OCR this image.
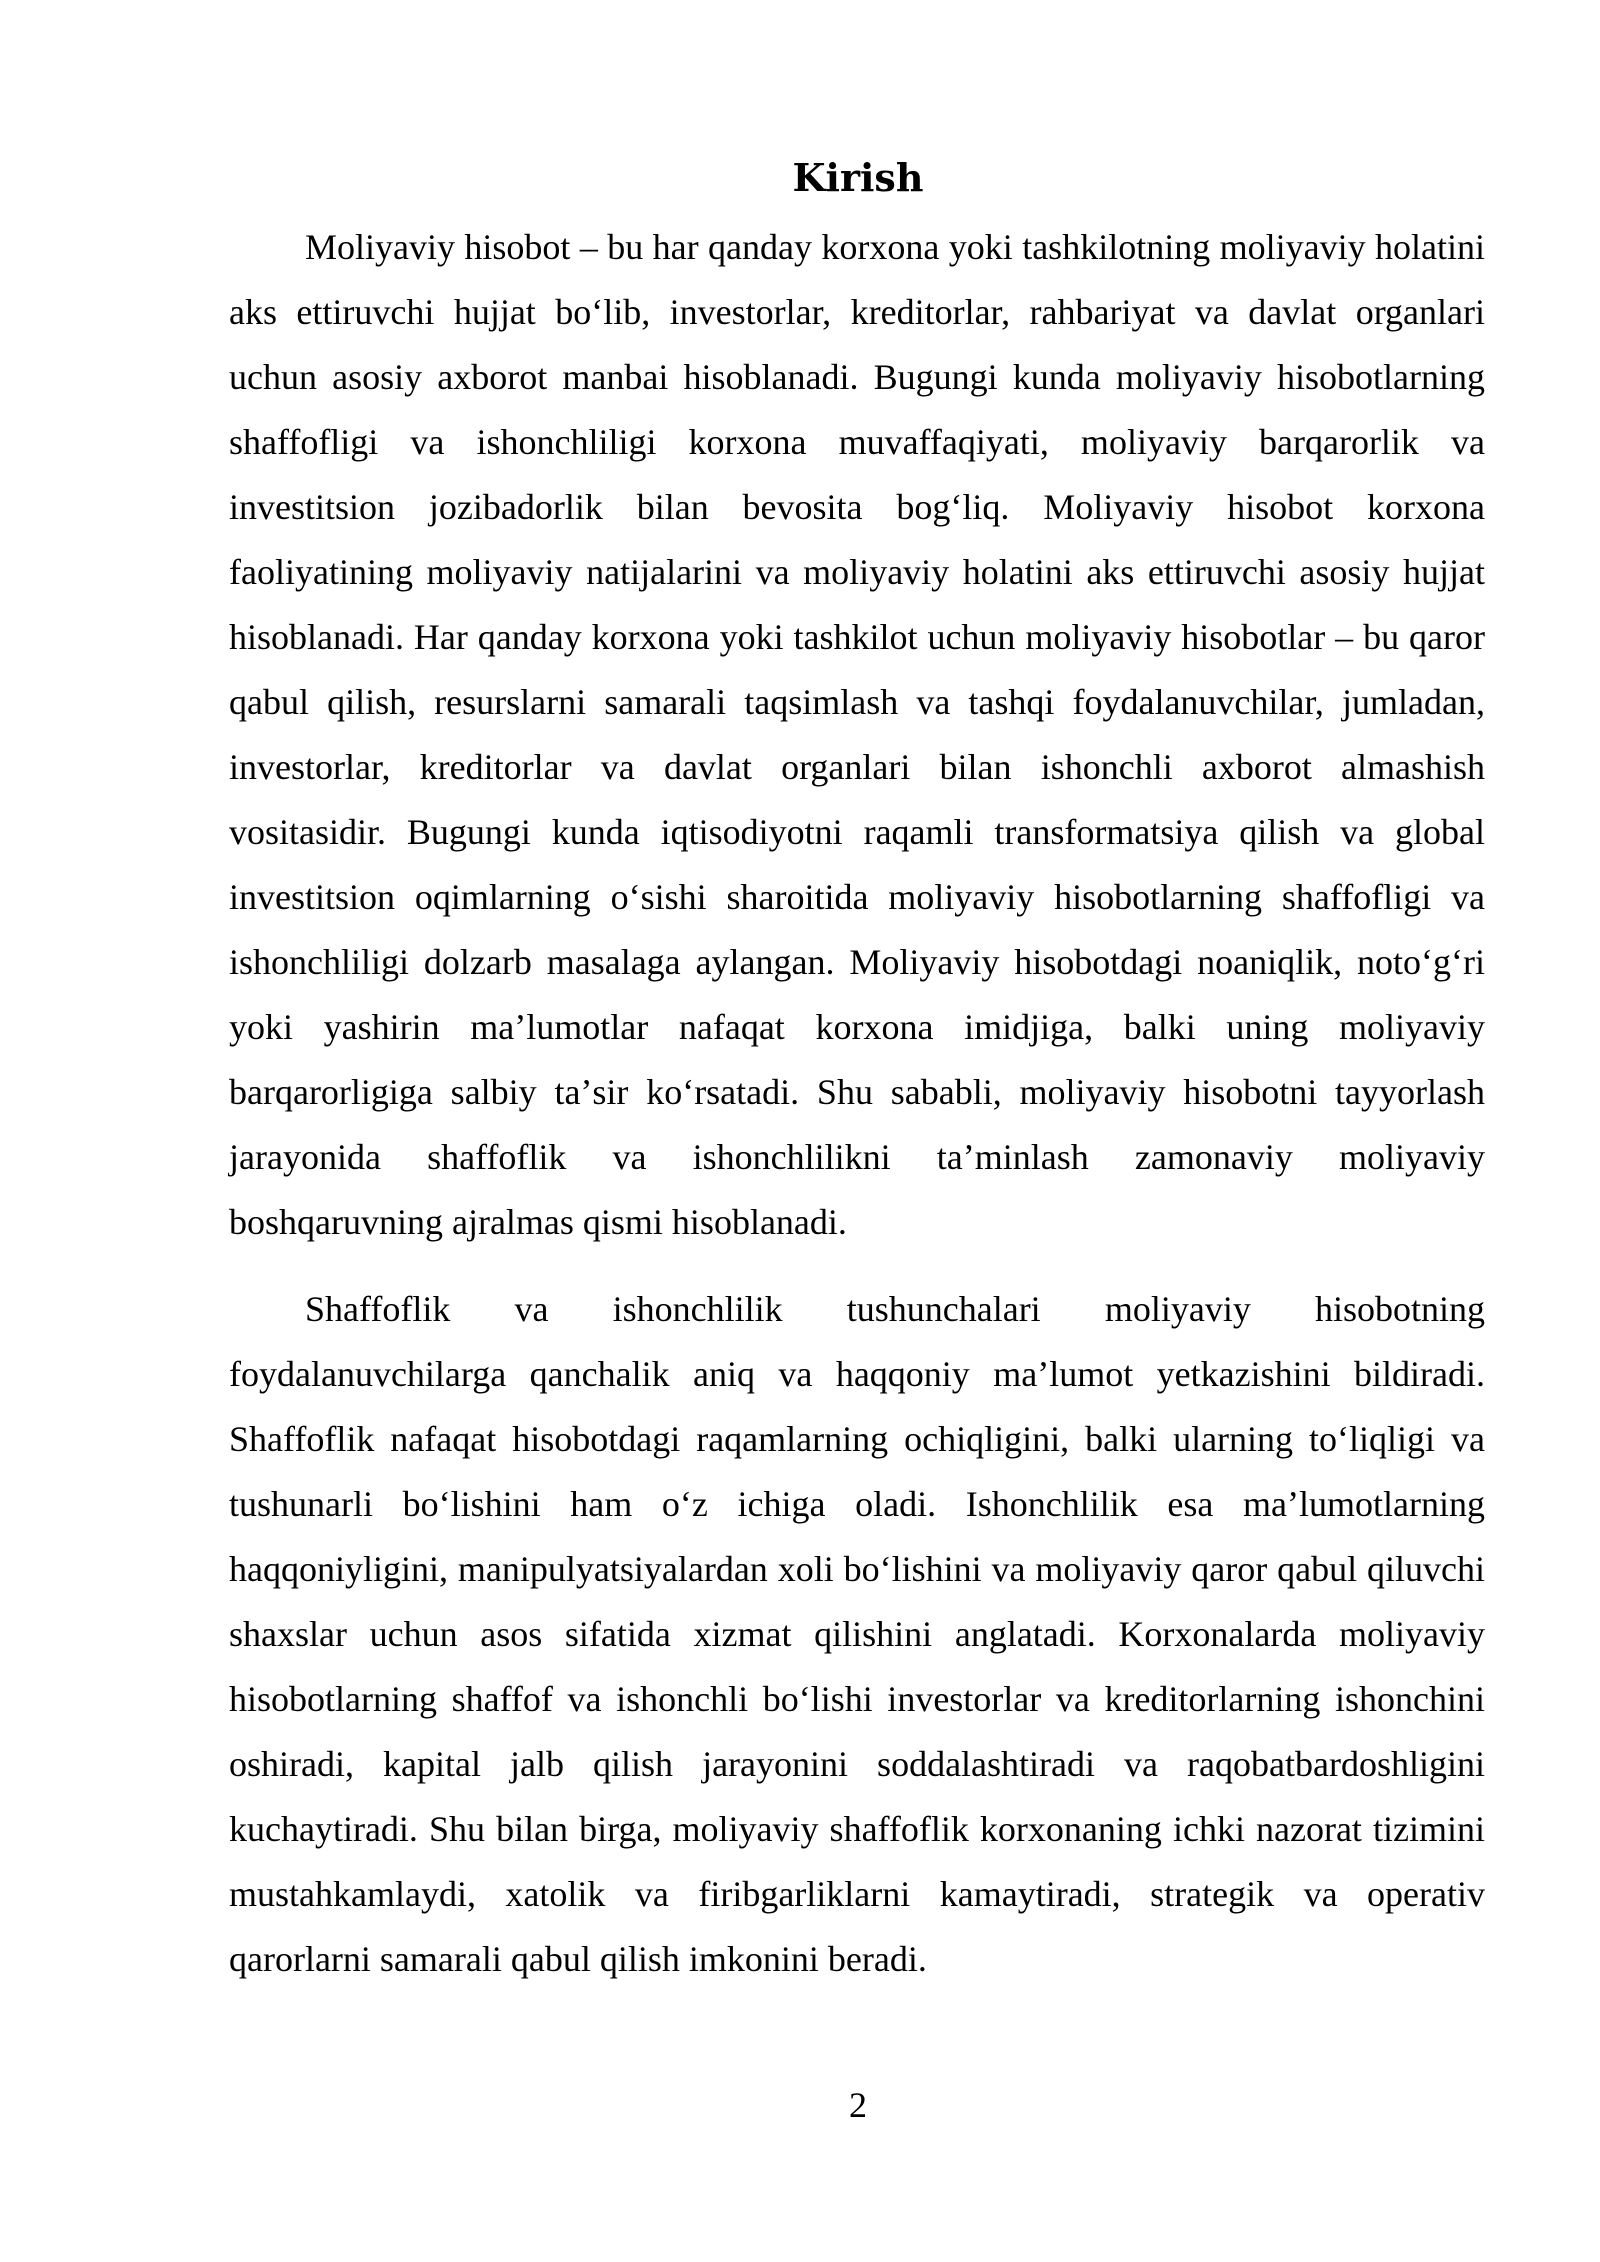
Kirish

Moliyaviy hisobot – bu har qanday korxona yoki tashkilotning moliyaviy holatini aks ettiruvchi hujjat boʻlib, investorlar, kreditorlar, rahbariyat va davlat organlari uchun asosiy axborot manbai hisoblanadi. Bugungi kunda moliyaviy hisobotlarning shaffofligi va ishonchliligi korxona muvaffaqiyati, moliyaviy barqarorlik va investitsion jozibadorlik bilan bevosita bogʻliq. Moliyaviy hisobot korxona faoliyatining moliyaviy natijalarini va moliyaviy holatini aks ettiruvchi asosiy hujjat hisoblanadi. Har qanday korxona yoki tashkilot uchun moliyaviy hisobotlar – bu qaror qabul qilish, resurslarni samarali taqsimlash va tashqi foydalanuvchilar, jumladan, investorlar, kreditorlar va davlat organlari bilan ishonchli axborot almashish vositasidir. Bugungi kunda iqtisodiyotni raqamli transformatsiya qilish va global investitsion oqimlarning oʻsishi sharoitida moliyaviy hisobotlarning shaffofligi va ishonchliligi dolzarb masalaga aylangan. Moliyaviy hisobotdagi noaniqlik, notoʻgʻri yoki yashirin maʼlumotlar nafaqat korxona imidjiga, balki uning moliyaviy barqarorligiga salbiy taʼsir koʻrsatadi. Shu sababli, moliyaviy hisobotni tayyorlash jarayonida shaffoflik va ishonchlilikni taʼminlash zamonaviy moliyaviy boshqaruvning ajralmas qismi hisoblanadi.

Shaffoflik va ishonchlilik tushunchalari moliyaviy hisobotning foydalanuvchilarga qanchalik aniq va haqqoniy maʼlumot yetkazishini bildiradi. Shaffoflik nafaqat hisobotdagi raqamlarning ochiqligini, balki ularning toʻliqligi va tushunarli boʻlishini ham oʻz ichiga oladi. Ishonchlilik esa maʼlumotlarning haqqoniyligini, manipulyatsiyalardan xoli boʻlishini va moliyaviy qaror qabul qiluvchi shaxslar uchun asos sifatida xizmat qilishini anglatadi. Korxonalarda moliyaviy hisobotlarning shaffof va ishonchli boʻlishi investorlar va kreditorlarning ishonchini oshiradi, kapital jalb qilish jarayonini soddalashtiradi va raqobatbardoshligini kuchaytiradi. Shu bilan birga, moliyaviy shaffoflik korxonaning ichki nazorat tizimini mustahkamlaydi, xatolik va firibgarliklarni kamaytiradi, strategik va operativ qarorlarni samarali qabul qilish imkonini beradi.

2
